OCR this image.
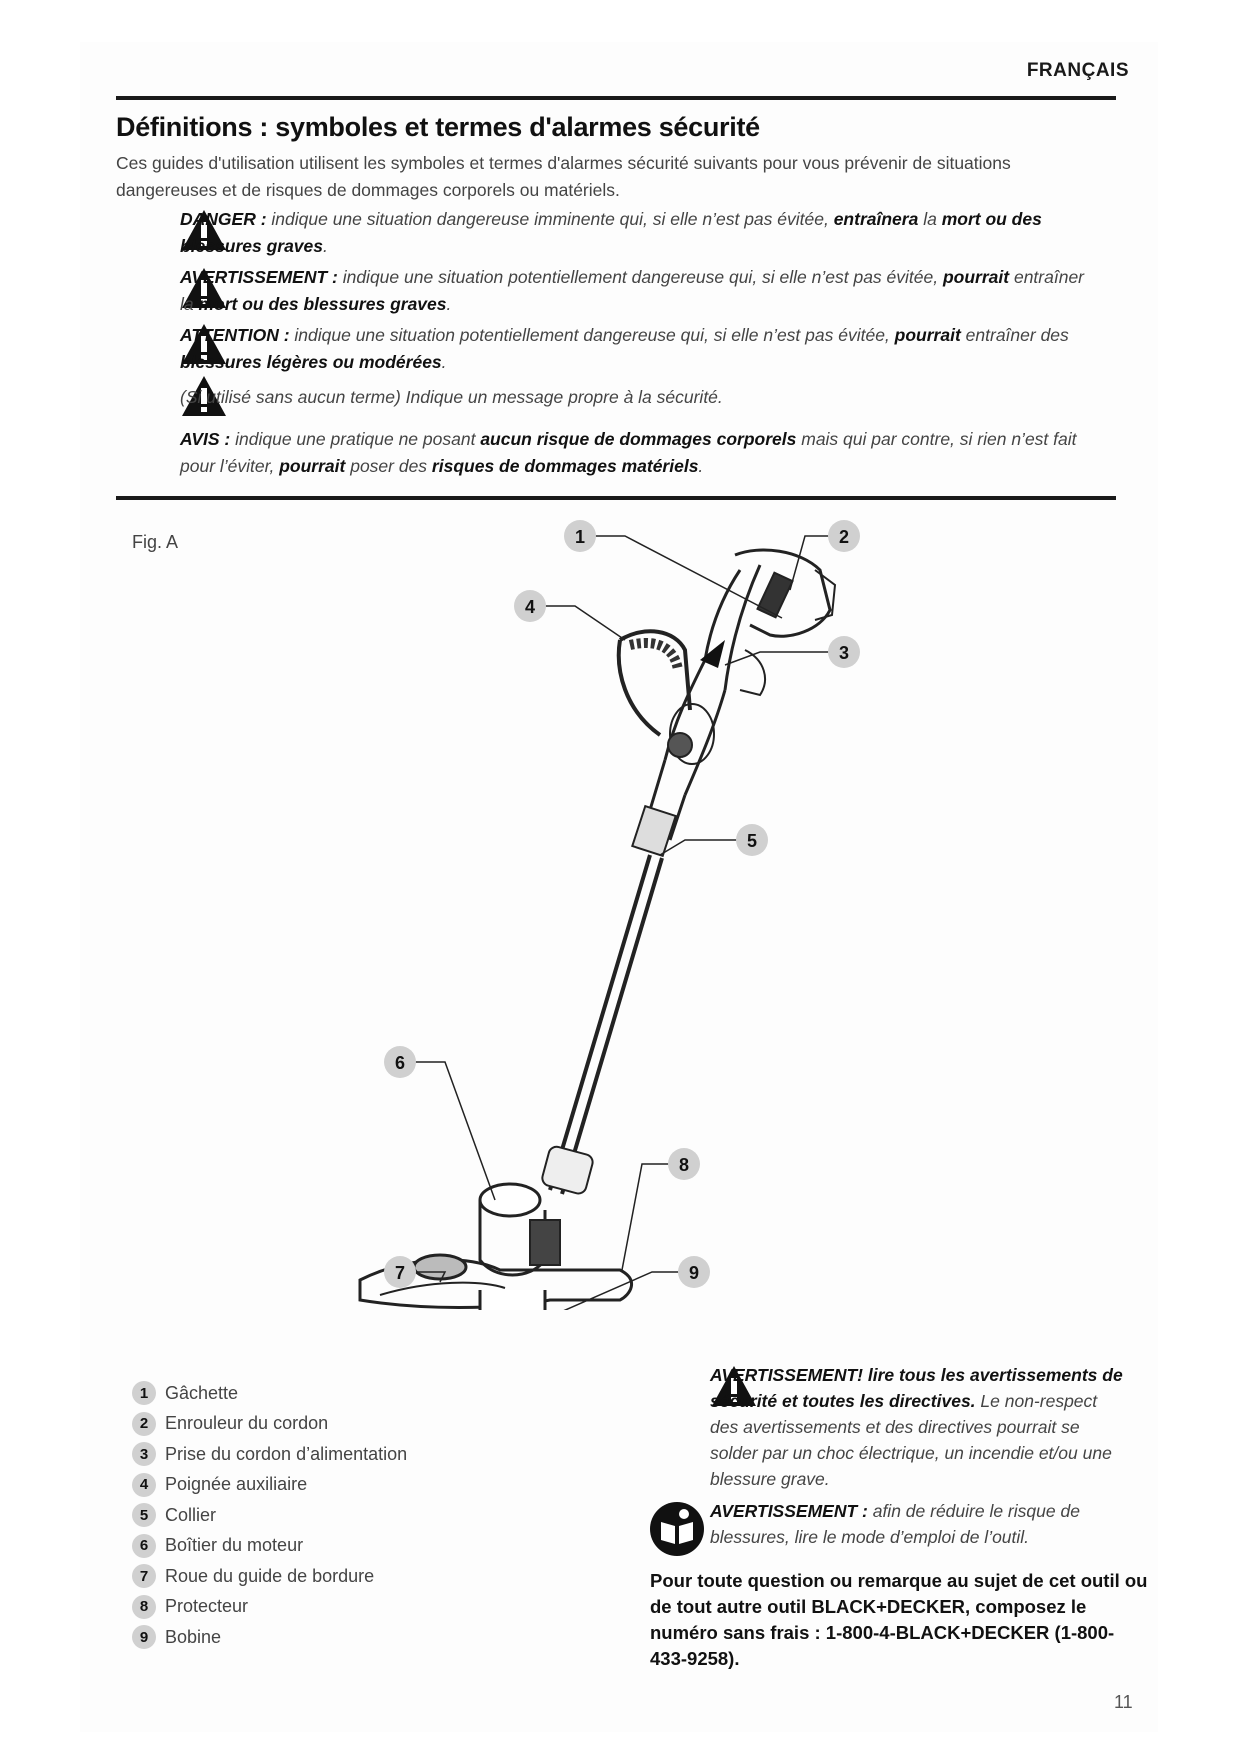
FRANÇAIS
Définitions : symboles et termes d'alarmes sécurité
Ces guides d'utilisation utilisent les symboles et termes d'alarmes sécurité suivants pour vous prévenir de situations dangereuses et de risques de dommages corporels ou matériels.
DANGER : indique une situation dangereuse imminente qui, si elle n’est pas évitée, entraînera la mort ou des blessures graves.
AVERTISSEMENT : indique une situation potentiellement dangereuse qui, si elle n’est pas évitée, pourrait entraîner la mort ou des blessures graves.
ATTENTION : indique une situation potentiellement dangereuse qui, si elle n’est pas évitée, pourrait entraîner des blessures légères ou modérées.
(Si utilisé sans aucun terme) Indique un message propre à la sécurité.
AVIS : indique une pratique ne posant aucun risque de dommages corporels mais qui par contre, si rien n’est fait pour l’éviter, pourrait poser des risques de dommages matériels.
Fig. A	1	2
3
4
5
6
7
8
9
1 Gâchette
2 Enrouleur du cordon
3 Prise du cordon d’alimentation
4 Poignée auxiliaire
5 Collier
6 Boîtier du moteur
7 Roue du guide de bordure
8 Protecteur
9 Bobine
AVERTISSEMENT! lire tous les avertissements de sécurité et toutes les directives. Le non-respect des avertissements et des directives pourrait se solder par un choc électrique, un incendie et/ou une blessure grave.
AVERTISSEMENT : afin de réduire le risque de blessures, lire le mode d’emploi de l’outil.
Pour toute question ou remarque au sujet de cet outil ou de tout autre outil BLACK+DECKER, composez le numéro sans frais : 1-800-4-BLACK+DECKER (1-800-433-9258).
11
